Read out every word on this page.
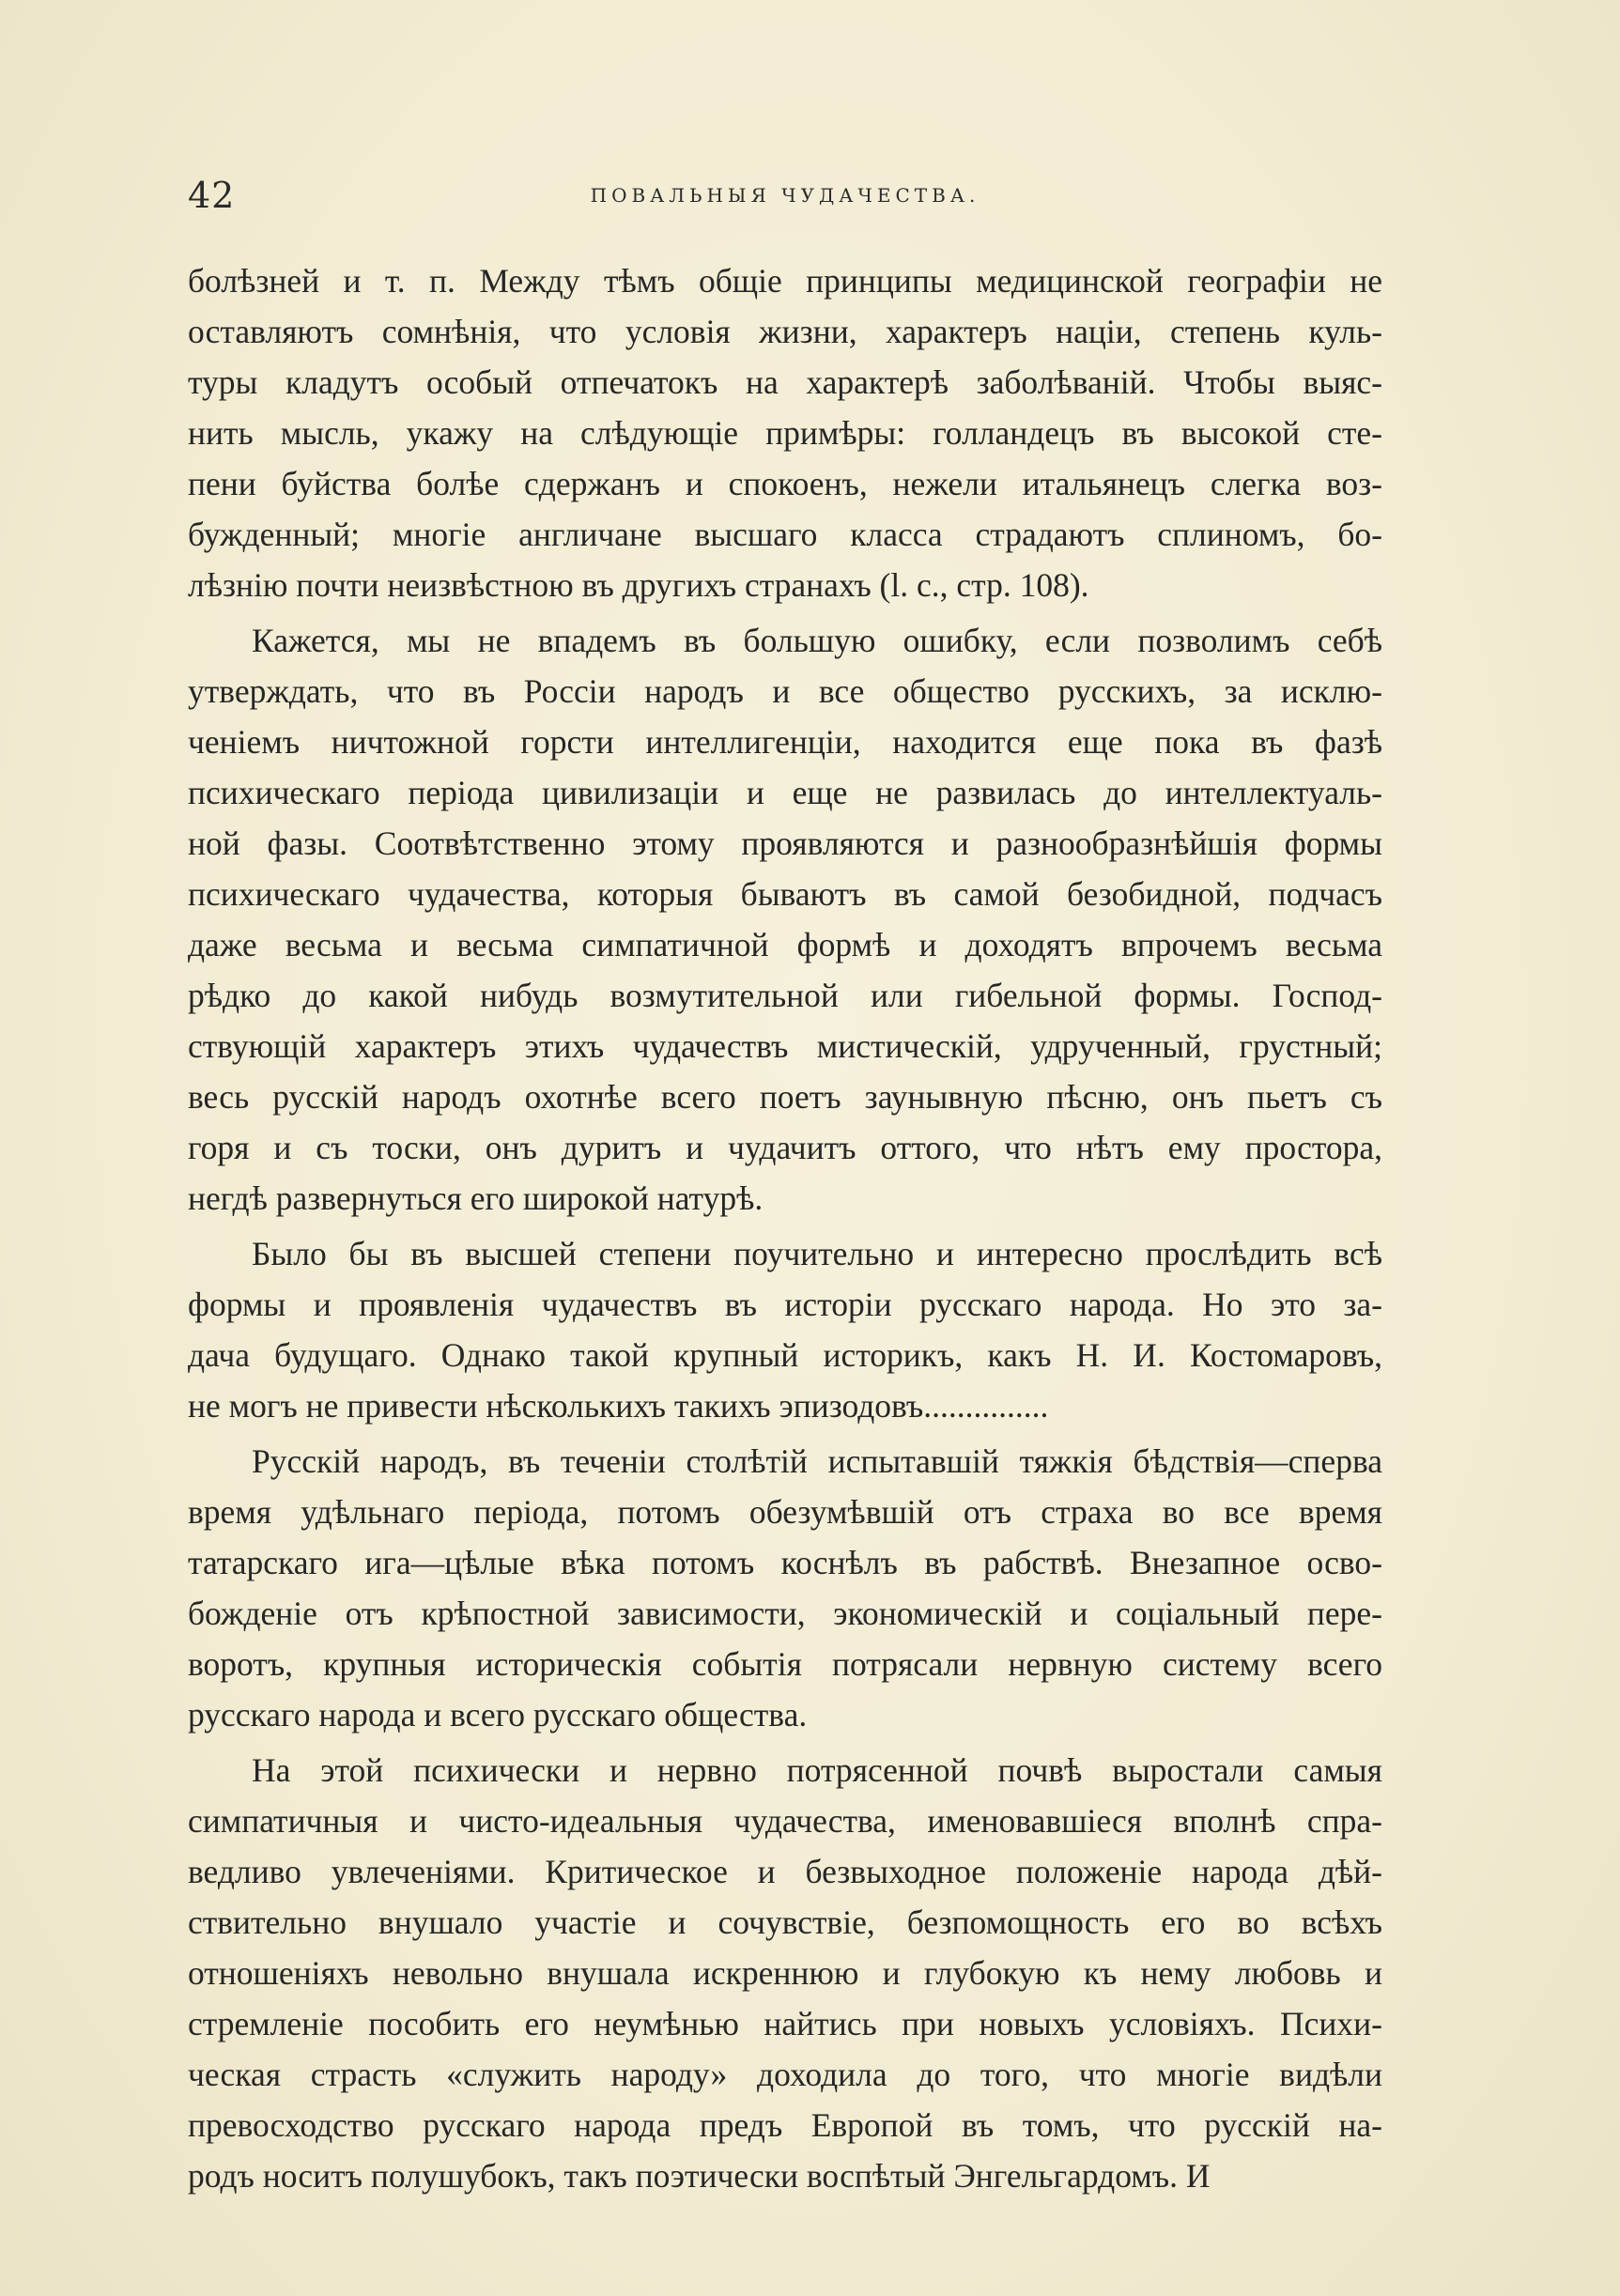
42	ПОВАЛЬНЫЯ ЧУДАЧЕСТВА.
болѣзней и т. п. Между тѣмъ общіе принципы медицинской географіи не
оставляютъ сомнѣнія, что условія жизни, характеръ націи, степень куль-
туры кладутъ особый отпечатокъ на характерѣ заболѣваній. Чтобы выяс-
нить мысль, укажу на слѣдующіе примѣры: голландецъ въ высокой сте-
пени буйства болѣе сдержанъ и спокоенъ, нежели итальянецъ слегка воз-
бужденный; многіе англичане высшаго класса страдаютъ сплиномъ, бо-
лѣзнію почти неизвѣстною въ другихъ странахъ (l. c., стр. 108).
Кажется, мы не впадемъ въ большую ошибку, если позволимъ себѣ
утверждать, что въ Россіи народъ и все общество русскихъ, за исклю-
ченіемъ ничтожной горсти интеллигенціи, находится еще пока въ фазѣ
психическаго періода цивилизаціи и еще не развилась до интеллектуаль-
ной фазы. Соотвѣтственно этому проявляются и разнообразнѣйшія формы
психическаго чудачества, которыя бываютъ въ самой безобидной, подчасъ
даже весьма и весьма симпатичной формѣ и доходятъ впрочемъ весьма
рѣдко до какой нибудь возмутительной или гибельной формы. Господ-
ствующій характеръ этихъ чудачествъ мистическій, удрученный, грустный;
весь русскій народъ охотнѣе всего поетъ заунывную пѣсню, онъ пьетъ съ
горя и съ тоски, онъ дуритъ и чудачитъ оттого, что нѣтъ ему простора,
негдѣ развернуться его широкой натурѣ.
Было бы въ высшей степени поучительно и интересно прослѣдить всѣ
формы и проявленія чудачествъ въ исторіи русскаго народа. Но это за-
дача будущаго. Однако такой крупный историкъ, какъ Н. И. Костомаровъ,
не могъ не привести нѣсколькихъ такихъ эпизодовъ...............
Русскій народъ, въ теченіи столѣтій испытавшій тяжкія бѣдствія—сперва
время удѣльнаго періода, потомъ обезумѣвшій отъ страха во все время
татарскаго ига—цѣлые вѣка потомъ коснѣлъ въ рабствѣ. Внезапное осво-
божденіе отъ крѣпостной зависимости, экономическій и соціальный пере-
воротъ, крупныя историческія событія потрясали нервную систему всего
русскаго народа и всего русскаго общества.
На этой психически и нервно потрясенной почвѣ выростали самыя
симпатичныя и чисто-идеальныя чудачества, именовавшіеся вполнѣ спра-
ведливо увлеченіями. Критическое и безвыходное положеніе народа дѣй-
ствительно внушало участіе и сочувствіе, безпомощность его во всѣхъ
отношеніяхъ невольно внушала искреннюю и глубокую къ нему любовь и
стремленіе пособить его неумѣнью найтись при новыхъ условіяхъ. Психи-
ческая страсть «служить народу» доходила до того, что многіе видѣли
превосходство русскаго народа предъ Европой въ томъ, что русскій на-
родъ носитъ полушубокъ, такъ поэтически воспѣтый Энгельгардомъ. И
